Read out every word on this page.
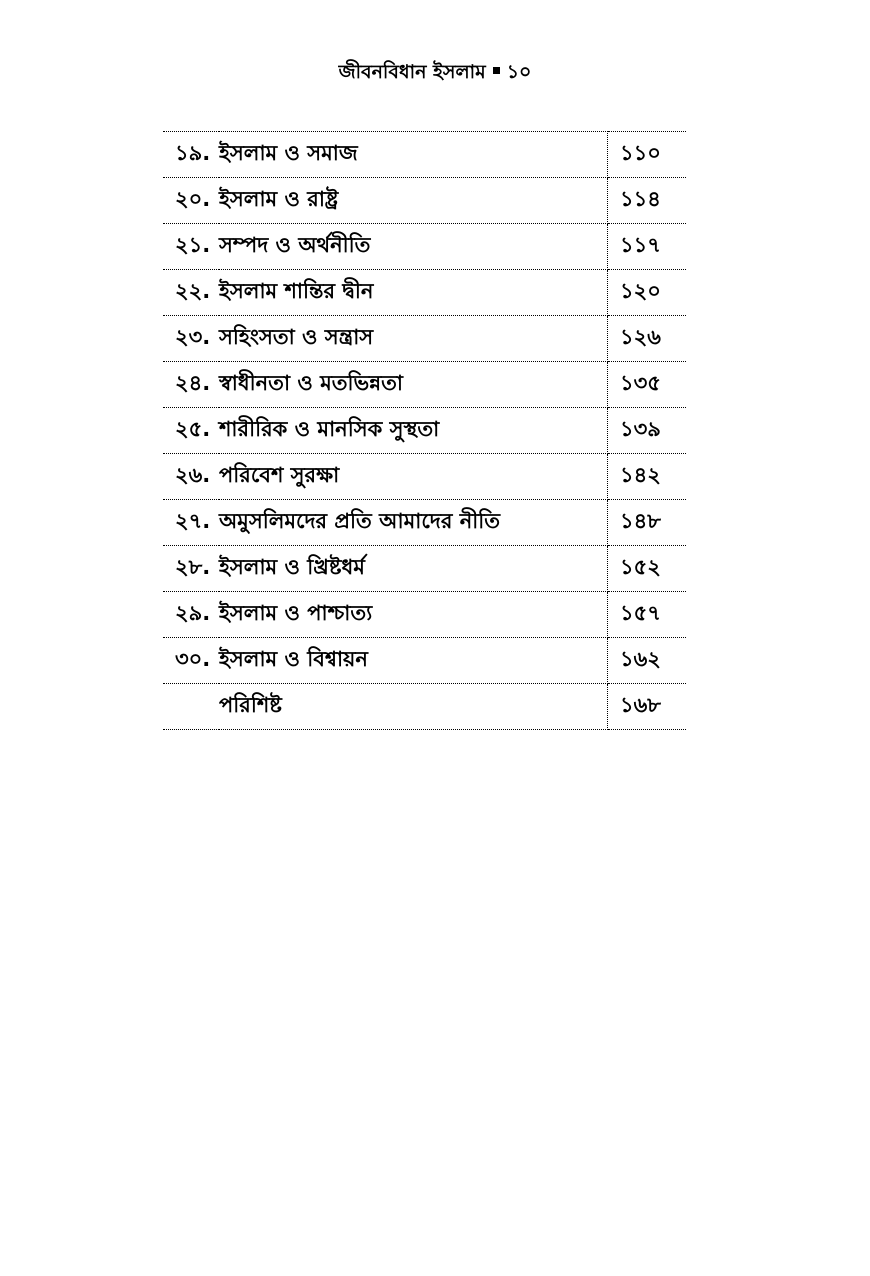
জীবনবিধান ইসলাম ১০
১৯.	ইসলাম ও সমাজ	১১০
২০.	ইসলাম ও রাষ্ট্র	১১৪
২১.	সম্পদ ও অর্থনীতি	১১৭
২২.	ইসলাম শান্তির দ্বীন	১২০
২৩.	সহিংসতা ও সন্ত্রাস	১২৬
২৪.	স্বাধীনতা ও মতভিন্নতা	১৩৫
২৫.	শারীরিক ও মানসিক সুস্থতা	১৩৯
২৬.	পরিবেশ সুরক্ষা	১৪২
২৭.	অমুসলিমদের প্রতি আমাদের নীতি	১৪৮
২৮.	ইসলাম ও খ্রিষ্টধর্ম	১৫২
২৯.	ইসলাম ও পাশ্চাত্য	১৫৭
৩০.	ইসলাম ও বিশ্বায়ন	১৬২
	পরিশিষ্ট	১৬৮
